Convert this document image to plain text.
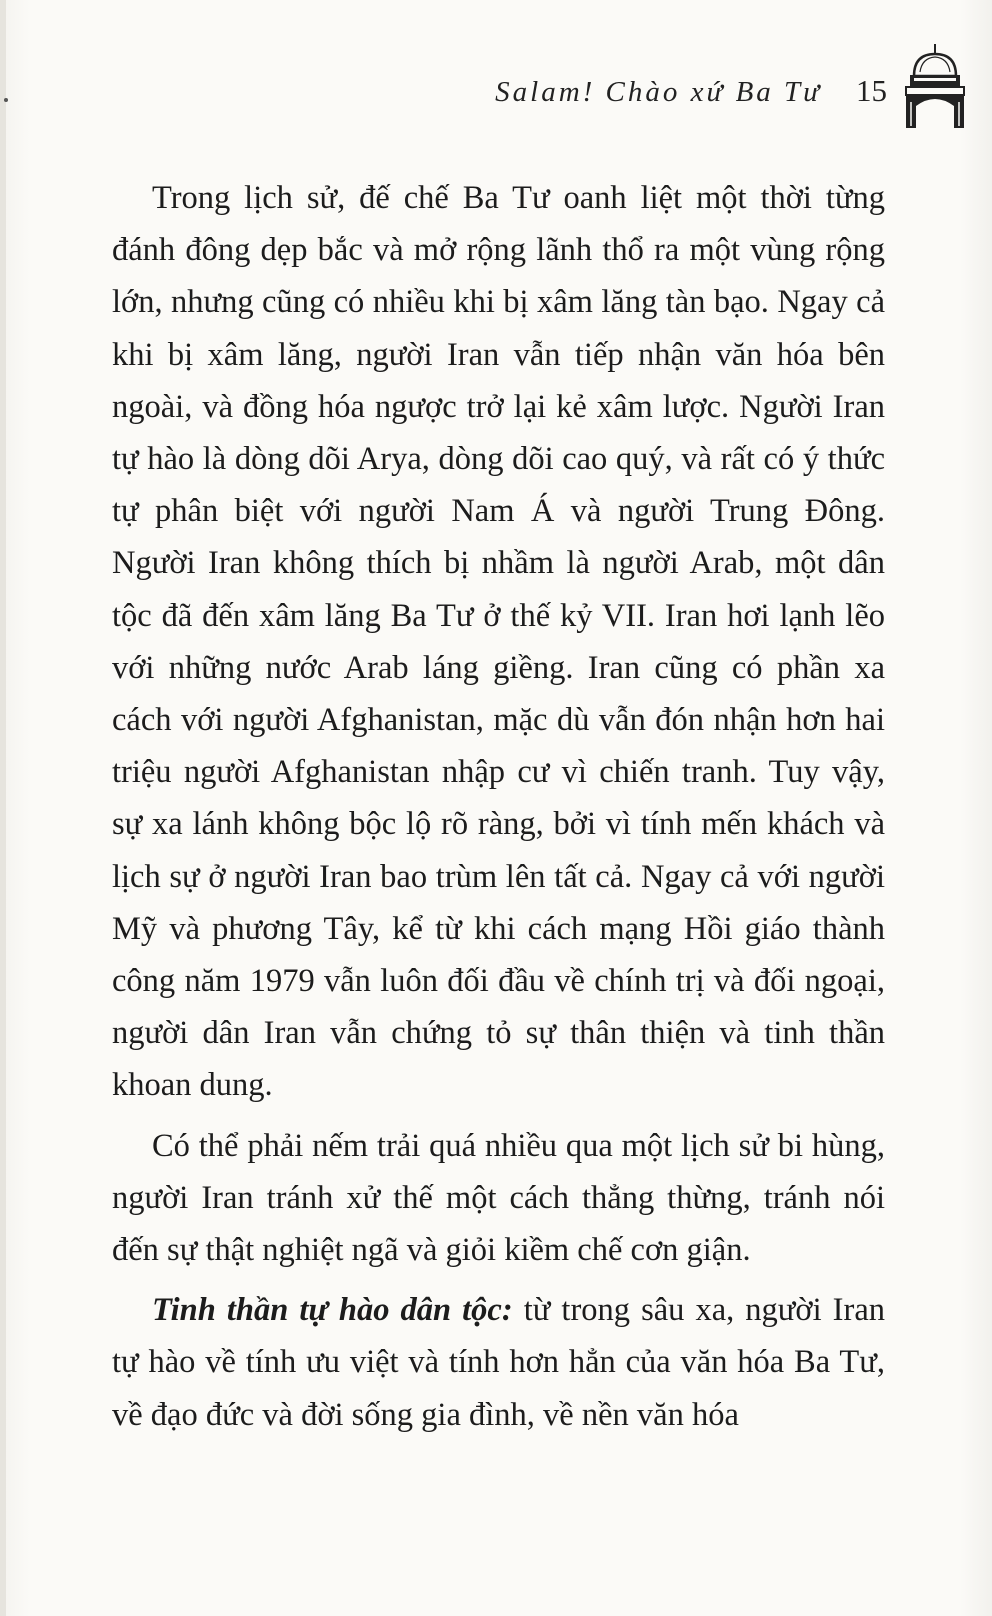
Salam! Chào xứ Ba Tư 15

Trong lịch sử, đế chế Ba Tư oanh liệt một thời từng đánh đông dẹp bắc và mở rộng lãnh thổ ra một vùng rộng lớn, nhưng cũng có nhiều khi bị xâm lăng tàn bạo. Ngay cả khi bị xâm lăng, người Iran vẫn tiếp nhận văn hóa bên ngoài, và đồng hóa ngược trở lại kẻ xâm lược. Người Iran tự hào là dòng dõi Arya, dòng dõi cao quý, và rất có ý thức tự phân biệt với người Nam Á và người Trung Đông. Người Iran không thích bị nhầm là người Arab, một dân tộc đã đến xâm lăng Ba Tư ở thế kỷ VII. Iran hơi lạnh lẽo với những nước Arab láng giềng. Iran cũng có phần xa cách với người Afghanistan, mặc dù vẫn đón nhận hơn hai triệu người Afghanistan nhập cư vì chiến tranh. Tuy vậy, sự xa lánh không bộc lộ rõ ràng, bởi vì tính mến khách và lịch sự ở người Iran bao trùm lên tất cả. Ngay cả với người Mỹ và phương Tây, kể từ khi cách mạng Hồi giáo thành công năm 1979 vẫn luôn đối đầu về chính trị và đối ngoại, người dân Iran vẫn chứng tỏ sự thân thiện và tinh thần khoan dung.

Có thể phải nếm trải quá nhiều qua một lịch sử bi hùng, người Iran tránh xử thế một cách thẳng thừng, tránh nói đến sự thật nghiệt ngã và giỏi kiềm chế cơn giận.

Tinh thần tự hào dân tộc: từ trong sâu xa, người Iran tự hào về tính ưu việt và tính hơn hẳn của văn hóa Ba Tư, về đạo đức và đời sống gia đình, về nền văn hóa
